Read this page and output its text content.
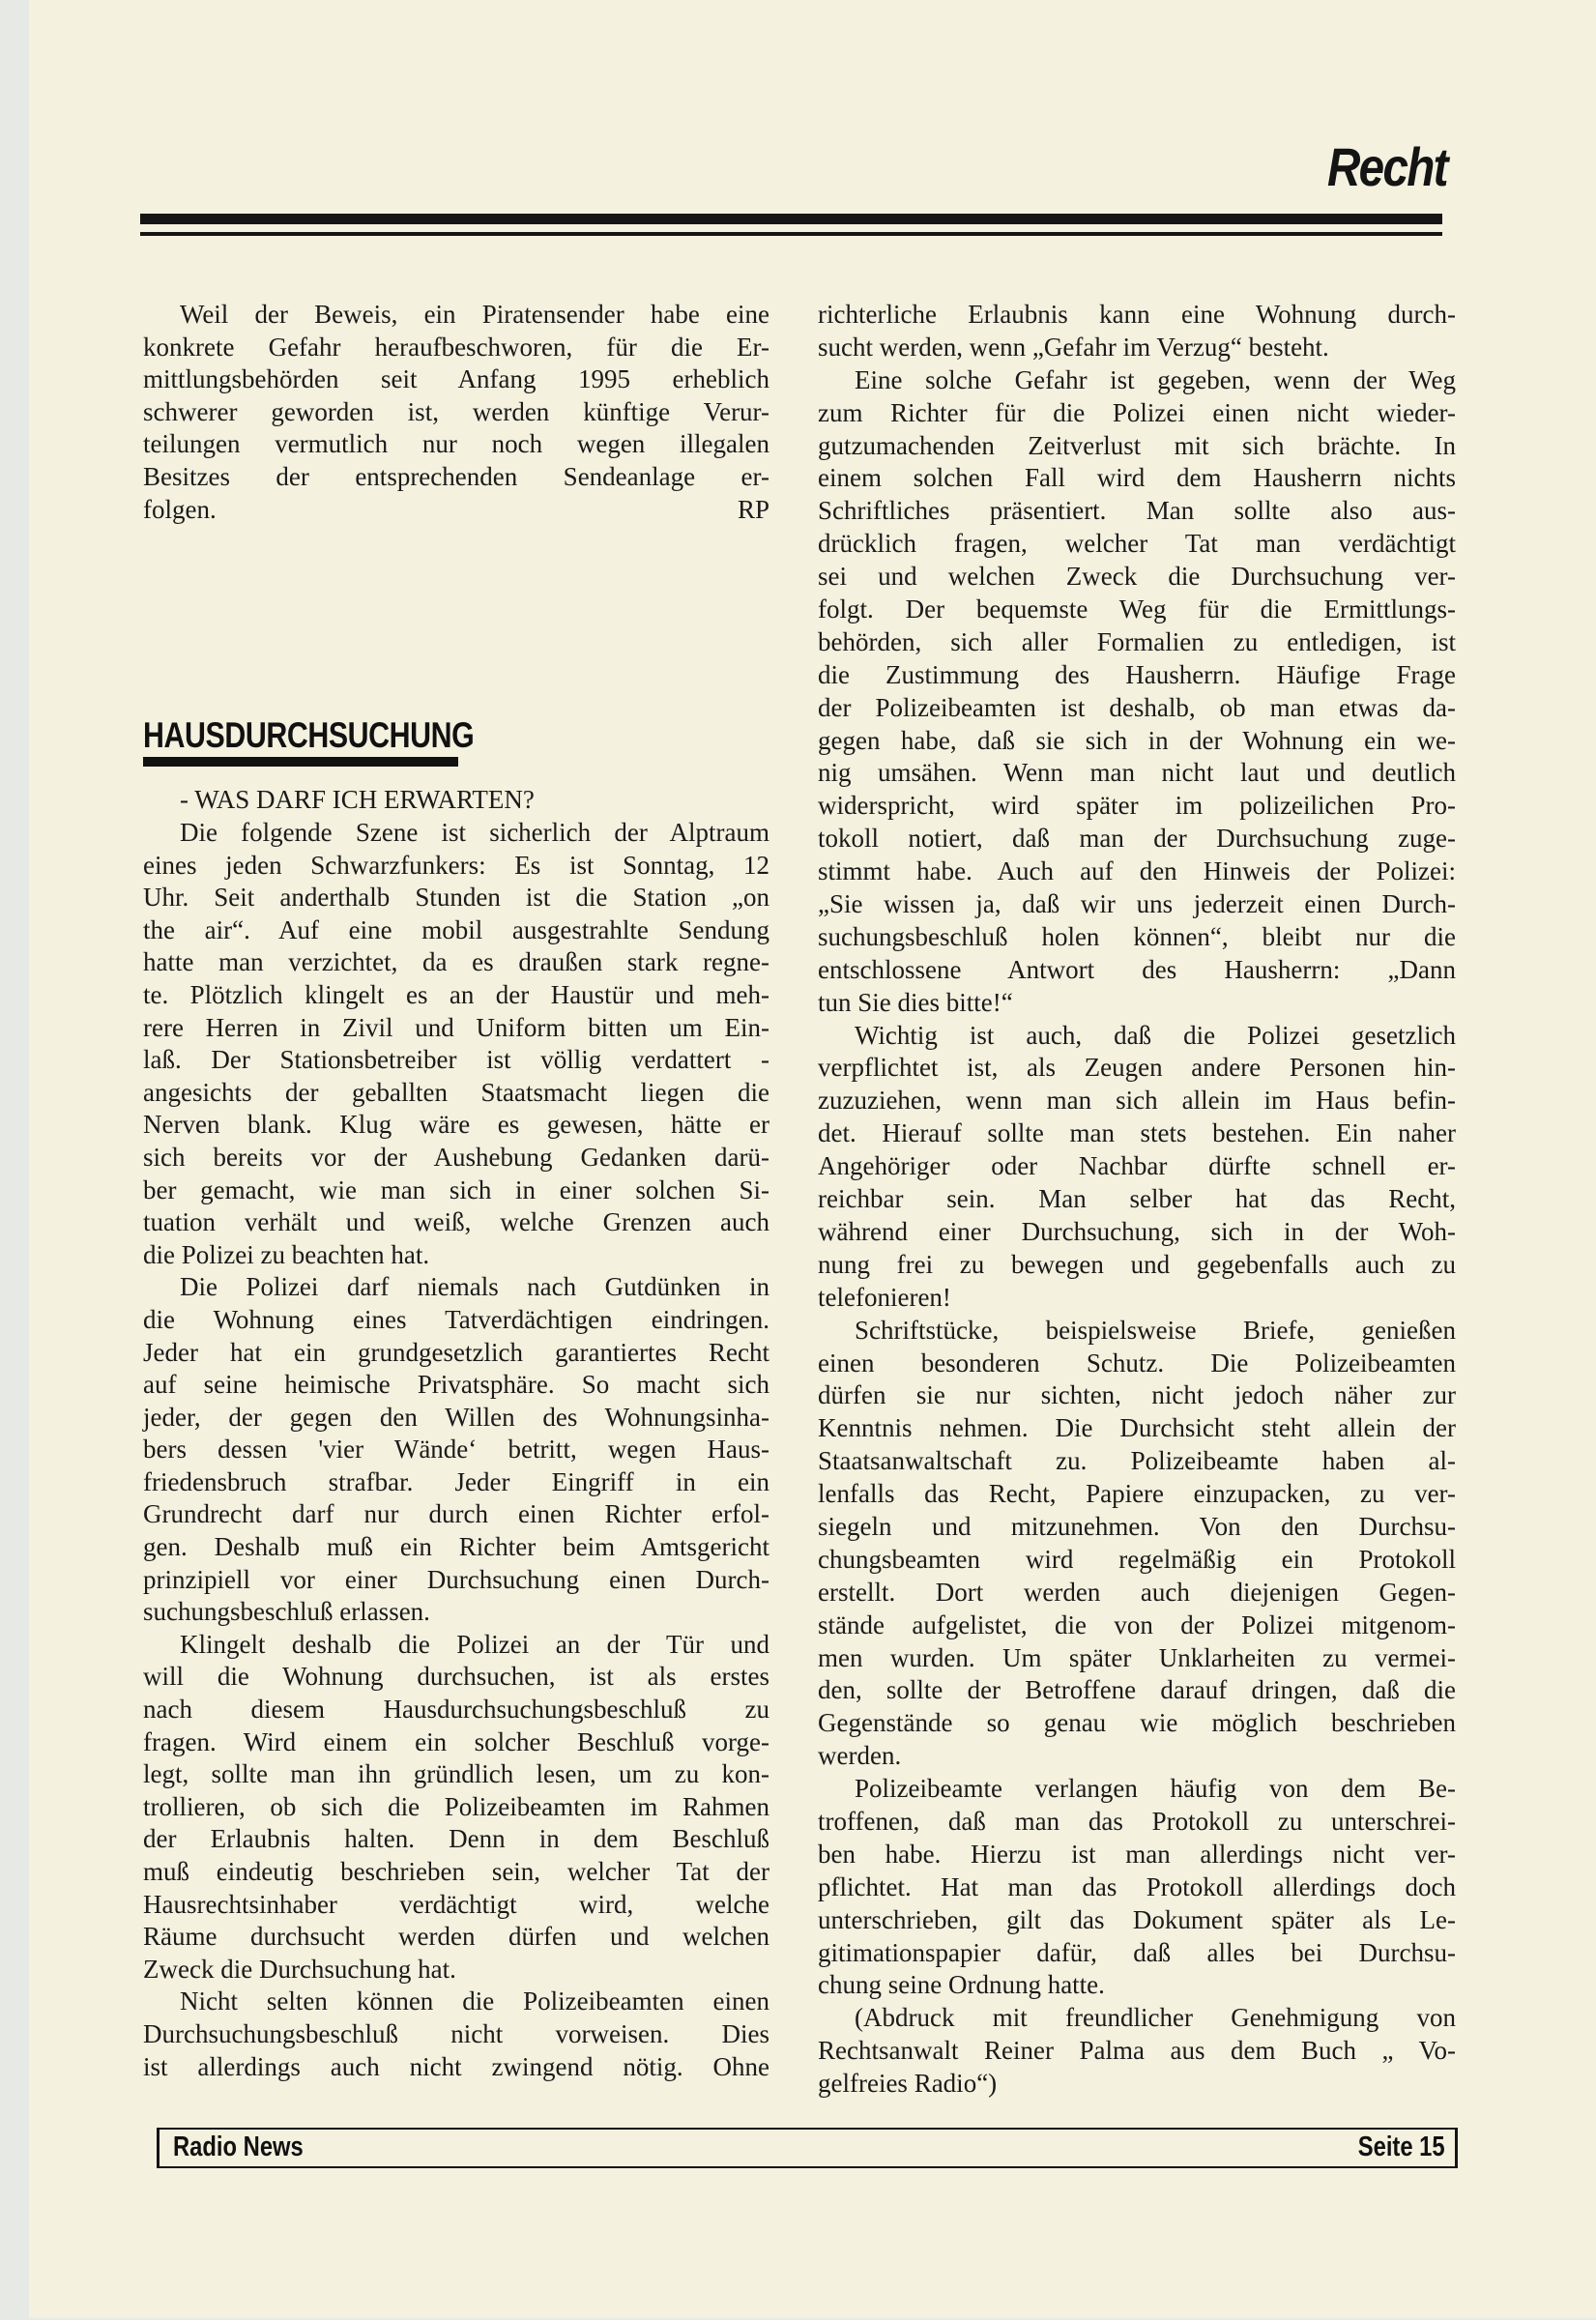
Recht
Weil der Beweis, ein Piratensender habe eine
konkrete Gefahr heraufbeschworen, für die Er-
mittlungsbehörden seit Anfang 1995 erheblich
schwerer geworden ist, werden künftige Verur-
teilungen vermutlich nur noch wegen illegalen
Besitzes der entsprechenden Sendeanlage er-
folgen.	RP
HAUSDURCHSUCHUNG
- WAS DARF ICH ERWARTEN?
Die folgende Szene ist sicherlich der Alptraum
eines jeden Schwarzfunkers: Es ist Sonntag, 12
Uhr. Seit anderthalb Stunden ist die Station „on
the air“. Auf eine mobil ausgestrahlte Sendung
hatte man verzichtet, da es draußen stark regne-
te. Plötzlich klingelt es an der Haustür und meh-
rere Herren in Zivil und Uniform bitten um Ein-
laß. Der Stationsbetreiber ist völlig verdattert -
angesichts der geballten Staatsmacht liegen die
Nerven blank. Klug wäre es gewesen, hätte er
sich bereits vor der Aushebung Gedanken darü-
ber gemacht, wie man sich in einer solchen Si-
tuation verhält und weiß, welche Grenzen auch
die Polizei zu beachten hat.
Die Polizei darf niemals nach Gutdünken in
die Wohnung eines Tatverdächtigen eindringen.
Jeder hat ein grundgesetzlich garantiertes Recht
auf seine heimische Privatsphäre. So macht sich
jeder, der gegen den Willen des Wohnungsinha-
bers dessen 'vier Wände‘ betritt, wegen Haus-
friedensbruch strafbar. Jeder Eingriff in ein
Grundrecht darf nur durch einen Richter erfol-
gen. Deshalb muß ein Richter beim Amtsgericht
prinzipiell vor einer Durchsuchung einen Durch-
suchungsbeschluß erlassen.
Klingelt deshalb die Polizei an der Tür und
will die Wohnung durchsuchen, ist als erstes
nach diesem Hausdurchsuchungsbeschluß zu
fragen. Wird einem ein solcher Beschluß vorge-
legt, sollte man ihn gründlich lesen, um zu kon-
trollieren, ob sich die Polizeibeamten im Rahmen
der Erlaubnis halten. Denn in dem Beschluß
muß eindeutig beschrieben sein, welcher Tat der
Hausrechtsinhaber verdächtigt wird, welche
Räume durchsucht werden dürfen und welchen
Zweck die Durchsuchung hat.
Nicht selten können die Polizeibeamten einen
Durchsuchungsbeschluß nicht vorweisen. Dies
ist allerdings auch nicht zwingend nötig. Ohne
richterliche Erlaubnis kann eine Wohnung durch-
sucht werden, wenn „Gefahr im Verzug“ besteht.
Eine solche Gefahr ist gegeben, wenn der Weg
zum Richter für die Polizei einen nicht wieder-
gutzumachenden Zeitverlust mit sich brächte. In
einem solchen Fall wird dem Hausherrn nichts
Schriftliches präsentiert. Man sollte also aus-
drücklich fragen, welcher Tat man verdächtigt
sei und welchen Zweck die Durchsuchung ver-
folgt. Der bequemste Weg für die Ermittlungs-
behörden, sich aller Formalien zu entledigen, ist
die Zustimmung des Hausherrn. Häufige Frage
der Polizeibeamten ist deshalb, ob man etwas da-
gegen habe, daß sie sich in der Wohnung ein we-
nig umsähen. Wenn man nicht laut und deutlich
widerspricht, wird später im polizeilichen Pro-
tokoll notiert, daß man der Durchsuchung zuge-
stimmt habe. Auch auf den Hinweis der Polizei:
„Sie wissen ja, daß wir uns jederzeit einen Durch-
suchungsbeschluß holen können“, bleibt nur die
entschlossene Antwort des Hausherrn: „Dann
tun Sie dies bitte!“
Wichtig ist auch, daß die Polizei gesetzlich
verpflichtet ist, als Zeugen andere Personen hin-
zuzuziehen, wenn man sich allein im Haus befin-
det. Hierauf sollte man stets bestehen. Ein naher
Angehöriger oder Nachbar dürfte schnell er-
reichbar sein. Man selber hat das Recht,
während einer Durchsuchung, sich in der Woh-
nung frei zu bewegen und gegebenfalls auch zu
telefonieren!
Schriftstücke, beispielsweise Briefe, genießen
einen besonderen Schutz. Die Polizeibeamten
dürfen sie nur sichten, nicht jedoch näher zur
Kenntnis nehmen. Die Durchsicht steht allein der
Staatsanwaltschaft zu. Polizeibeamte haben al-
lenfalls das Recht, Papiere einzupacken, zu ver-
siegeln und mitzunehmen. Von den Durchsu-
chungsbeamten wird regelmäßig ein Protokoll
erstellt. Dort werden auch diejenigen Gegen-
stände aufgelistet, die von der Polizei mitgenom-
men wurden. Um später Unklarheiten zu vermei-
den, sollte der Betroffene darauf dringen, daß die
Gegenstände so genau wie möglich beschrieben
werden.
Polizeibeamte verlangen häufig von dem Be-
troffenen, daß man das Protokoll zu unterschrei-
ben habe. Hierzu ist man allerdings nicht ver-
pflichtet. Hat man das Protokoll allerdings doch
unterschrieben, gilt das Dokument später als Le-
gitimationspapier dafür, daß alles bei Durchsu-
chung seine Ordnung hatte.
(Abdruck mit freundlicher Genehmigung von
Rechtsanwalt Reiner Palma aus dem Buch „ Vo-
gelfreies Radio“)
Radio News	Seite 15
